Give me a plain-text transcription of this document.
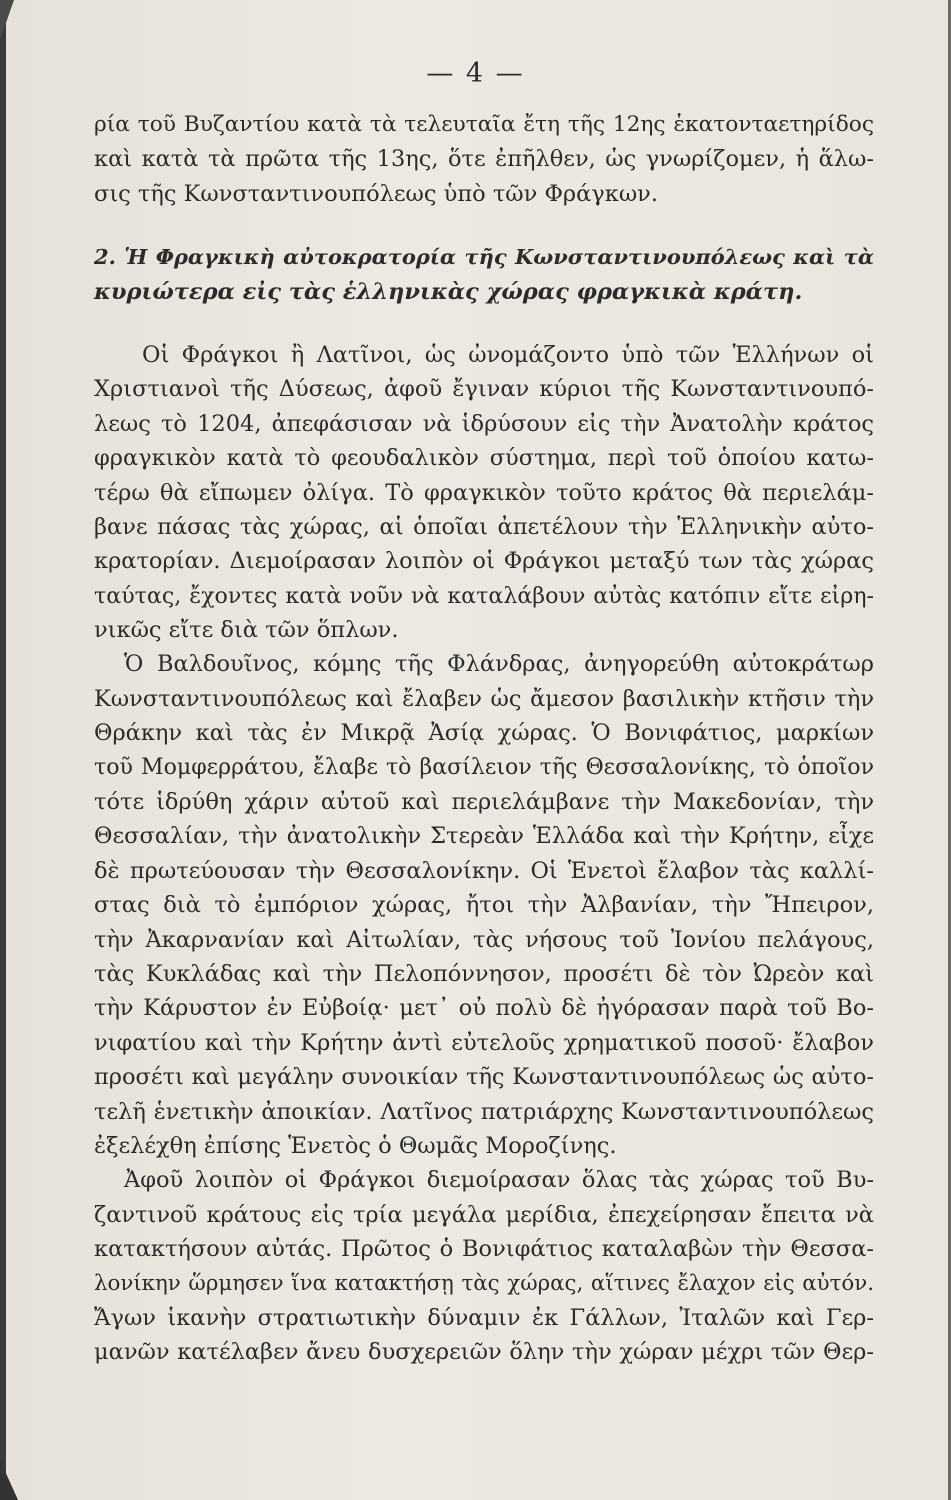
— 4 —
ρία τοῦ Βυζαντίου κατὰ τὰ τελευταῖα ἔτη τῆς 12ης ἑκατονταετηρίδος
καὶ κατὰ τὰ πρῶτα τῆς 13ης, ὅτε ἐπῆλθεν, ὡς γνωρίζομεν, ἡ ἅλω-
σις τῆς Κωνσταντινουπόλεως ὑπὸ τῶν Φράγκων.
2. Ἡ Φραγκικὴ αὐτοκρατορία τῆς Κωνσταντινουπόλεως καὶ τὰ
κυριώτερα εἰς τὰς ἑλληνικὰς χώρας φραγκικὰ κράτη.
Οἱ Φράγκοι ἢ Λατῖνοι, ὡς ὠνομάζοντο ὑπὸ τῶν Ἑλλήνων οἱ
Χριστιανοὶ τῆς Δύσεως, ἀφοῦ ἔγιναν κύριοι τῆς Κωνσταντινουπό-
λεως τὸ 1204, ἀπεφάσισαν νὰ ἱδρύσουν εἰς τὴν Ἀνατολὴν κράτος
φραγκικὸν κατὰ τὸ φεουδαλικὸν σύστημα, περὶ τοῦ ὁποίου κατω-
τέρω θὰ εἴπωμεν ὀλίγα. Τὸ φραγκικὸν τοῦτο κράτος θὰ περιελάμ-
βανε πάσας τὰς χώρας, αἱ ὁποῖαι ἀπετέλουν τὴν Ἑλληνικὴν αὐτο-
κρατορίαν. Διεμοίρασαν λοιπὸν οἱ Φράγκοι μεταξύ των τὰς χώρας
ταύτας, ἔχοντες κατὰ νοῦν νὰ καταλάβουν αὐτὰς κατόπιν εἴτε εἰρη-
νικῶς εἴτε διὰ τῶν ὅπλων.
Ὁ Βαλδουῖνος, κόμης τῆς Φλάνδρας, ἀνηγορεύθη αὐτοκράτωρ
Κωνσταντινουπόλεως καὶ ἔλαβεν ὡς ἄμεσον βασιλικὴν κτῆσιν τὴν
Θράκην καὶ τὰς ἐν Μικρᾷ Ἀσίᾳ χώρας. Ὁ Βονιφάτιος, μαρκίων
τοῦ Μομφερράτου, ἔλαβε τὸ βασίλειον τῆς Θεσσαλονίκης, τὸ ὁποῖον
τότε ἱδρύθη χάριν αὐτοῦ καὶ περιελάμβανε τὴν Μακεδονίαν, τὴν
Θεσσαλίαν, τὴν ἀνατολικὴν Στερεὰν Ἑλλάδα καὶ τὴν Κρήτην, εἶχε
δὲ πρωτεύουσαν τὴν Θεσσαλονίκην. Οἱ Ἑνετοὶ ἔλαβον τὰς καλλί-
στας διὰ τὸ ἐμπόριον χώρας, ἤτοι τὴν Ἀλβανίαν, τὴν Ἤπειρον,
τὴν Ἀκαρνανίαν καὶ Αἰτωλίαν, τὰς νήσους τοῦ Ἰονίου πελάγους,
τὰς Κυκλάδας καὶ τὴν Πελοπόννησον, προσέτι δὲ τὸν Ὠρεὸν καὶ
τὴν Κάρυστον ἐν Εὐβοίᾳ· μετ᾽ οὐ πολὺ δὲ ἠγόρασαν παρὰ τοῦ Βο-
νιφατίου καὶ τὴν Κρήτην ἀντὶ εὐτελοῦς χρηματικοῦ ποσοῦ· ἔλαβον
προσέτι καὶ μεγάλην συνοικίαν τῆς Κωνσταντινουπόλεως ὡς αὐτο-
τελῆ ἑνετικὴν ἀποικίαν. Λατῖνος πατριάρχης Κωνσταντινουπόλεως
ἐξελέχθη ἐπίσης Ἑνετὸς ὁ Θωμᾶς Μοροζίνης.
Ἀφοῦ λοιπὸν οἱ Φράγκοι διεμοίρασαν ὅλας τὰς χώρας τοῦ Βυ-
ζαντινοῦ κράτους εἰς τρία μεγάλα μερίδια, ἐπεχείρησαν ἔπειτα νὰ
κατακτήσουν αὐτάς. Πρῶτος ὁ Βονιφάτιος καταλαβὼν τὴν Θεσσα-
λονίκην ὥρμησεν ἵνα κατακτήσῃ τὰς χώρας, αἵτινες ἔλαχον εἰς αὐτόν.
Ἄγων ἱκανὴν στρατιωτικὴν δύναμιν ἐκ Γάλλων, Ἰταλῶν καὶ Γερ-
μανῶν κατέλαβεν ἄνευ δυσχερειῶν ὅλην τὴν χώραν μέχρι τῶν Θερ-
